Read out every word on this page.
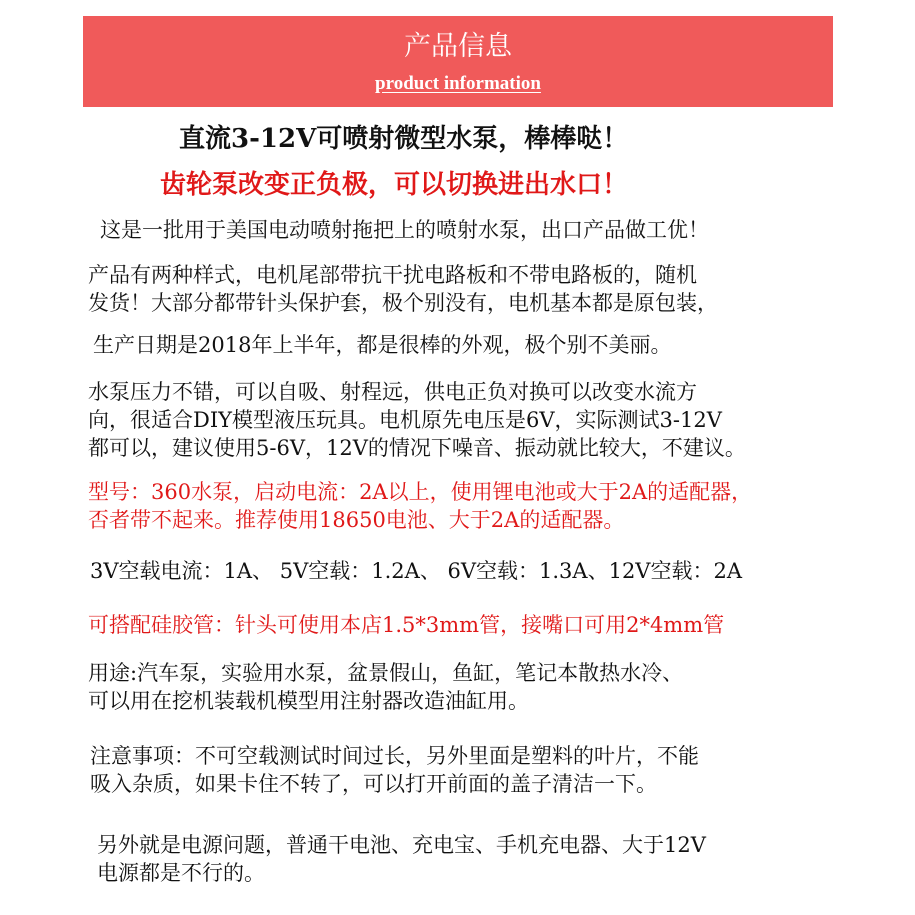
产品信息
product information
直流3-12V可喷射微型水泵，棒棒哒！
齿轮泵改变正负极，可以切换进出水口！
这是一批用于美国电动喷射拖把上的喷射水泵，出口产品做工优！
产品有两种样式，电机尾部带抗干扰电路板和不带电路板的，随机
发货！大部分都带针头保护套，极个别没有，电机基本都是原包装，
生产日期是2018年上半年，都是很棒的外观，极个别不美丽。
水泵压力不错，可以自吸、射程远，供电正负对换可以改变水流方
向，很适合DIY模型液压玩具。电机原先电压是6V，实际测试3-12V
都可以，建议使用5-6V，12V的情况下噪音、振动就比较大，不建议。
型号：360水泵，启动电流：2A以上，使用锂电池或大于2A的适配器，
否者带不起来。推荐使用18650电池、大于2A的适配器。
3V空载电流：1A、 5V空载：1.2A、 6V空载：1.3A、12V空载：2A
可搭配硅胶管：针头可使用本店1.5*3mm管，接嘴口可用2*4mm管
用途:汽车泵，实验用水泵，盆景假山，鱼缸，笔记本散热水冷、
可以用在挖机装载机模型用注射器改造油缸用。
注意事项：不可空载测试时间过长，另外里面是塑料的叶片，不能
吸入杂质，如果卡住不转了，可以打开前面的盖子清洁一下。
另外就是电源问题，普通干电池、充电宝、手机充电器、大于12V
电源都是不行的。
